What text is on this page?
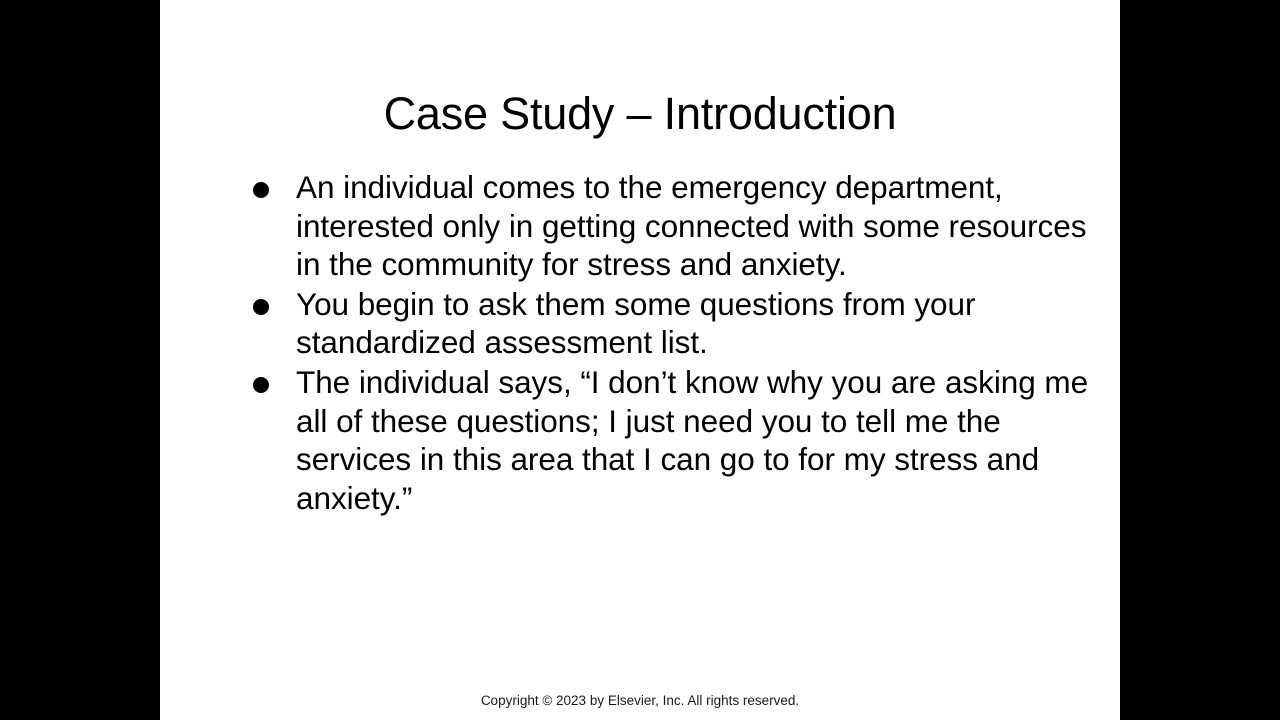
Case Study – Introduction
An individual comes to the emergency department, interested only in getting connected with some resources in the community for stress and anxiety.
You begin to ask them some questions from your standardized assessment list.
The individual says, “I don’t know why you are asking me all of these questions; I just need you to tell me the services in this area that I can go to for my stress and anxiety.”
Copyright © 2023 by Elsevier, Inc. All rights reserved.
